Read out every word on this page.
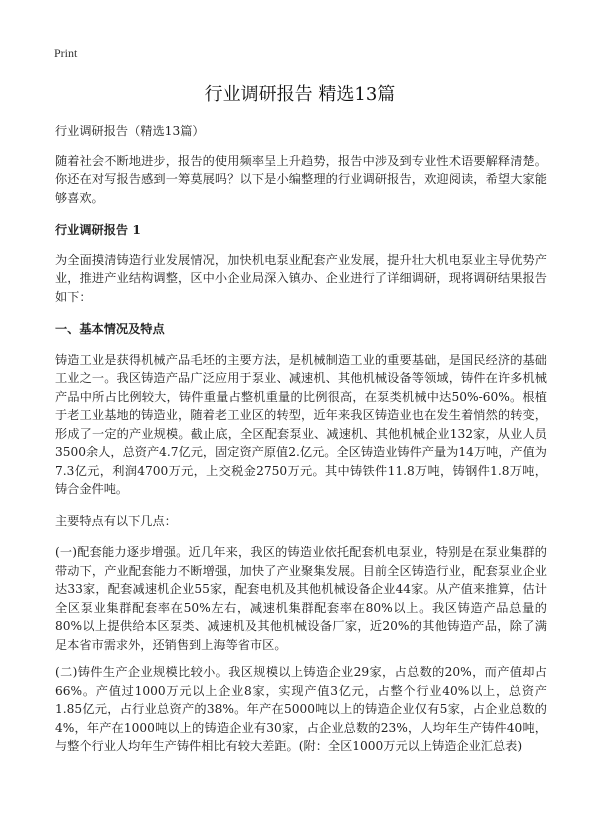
Print
行业调研报告 精选13篇

行业调研报告（精选13篇）

随着社会不断地进步，报告的使用频率呈上升趋势，报告中涉及到专业性术语要解释清楚。你还在对写报告感到一筹莫展吗？以下是小编整理的行业调研报告，欢迎阅读，希望大家能够喜欢。

行业调研报告 1

为全面摸清铸造行业发展情况，加快机电泵业配套产业发展，提升壮大机电泵业主导优势产业，推进产业结构调整，区中小企业局深入镇办、企业进行了详细调研，现将调研结果报告如下：

一、基本情况及特点

铸造工业是获得机械产品毛坯的主要方法，是机械制造工业的重要基础，是国民经济的基础工业之一。我区铸造产品广泛应用于泵业、减速机、其他机械设备等领域，铸件在许多机械产品中所占比例较大，铸件重量占整机重量的比例很高，在泵类机械中达50%-60%。根植于老工业基地的铸造业，随着老工业区的转型，近年来我区铸造业也在发生着悄然的转变，形成了一定的产业规模。截止底，全区配套泵业、减速机、其他机械企业132家，从业人员3500余人，总资产4.7亿元，固定资产原值2.亿元。全区铸造业铸件产量为14万吨，产值为7.3亿元，利润4700万元，上交税金2750万元。其中铸铁件11.8万吨，铸钢件1.8万吨，铸合金件吨。

主要特点有以下几点：

(一)配套能力逐步增强。近几年来，我区的铸造业依托配套机电泵业，特别是在泵业集群的带动下，产业配套能力不断增强，加快了产业聚集发展。目前全区铸造行业，配套泵业企业达33家，配套减速机企业55家，配套电机及其他机械设备企业44家。从产值来推算，估计全区泵业集群配套率在50%左右，减速机集群配套率在80%以上。我区铸造产品总量的80%以上提供给本区泵类、减速机及其他机械设备厂家，近20%的其他铸造产品，除了满足本省市需求外，还销售到上海等省市区。

(二)铸件生产企业规模比较小。我区规模以上铸造企业29家，占总数的20%，而产值却占66%。产值过1000万元以上企业8家，实现产值3亿元，占整个行业40%以上，总资产1.85亿元，占行业总资产的38%。年产在5000吨以上的铸造企业仅有5家，占企业总数的4%，年产在1000吨以上的铸造企业有30家，占企业总数的23%，人均年生产铸件40吨，与整个行业人均年生产铸件相比有较大差距。(附：全区1000万元以上铸造企业汇总表)
